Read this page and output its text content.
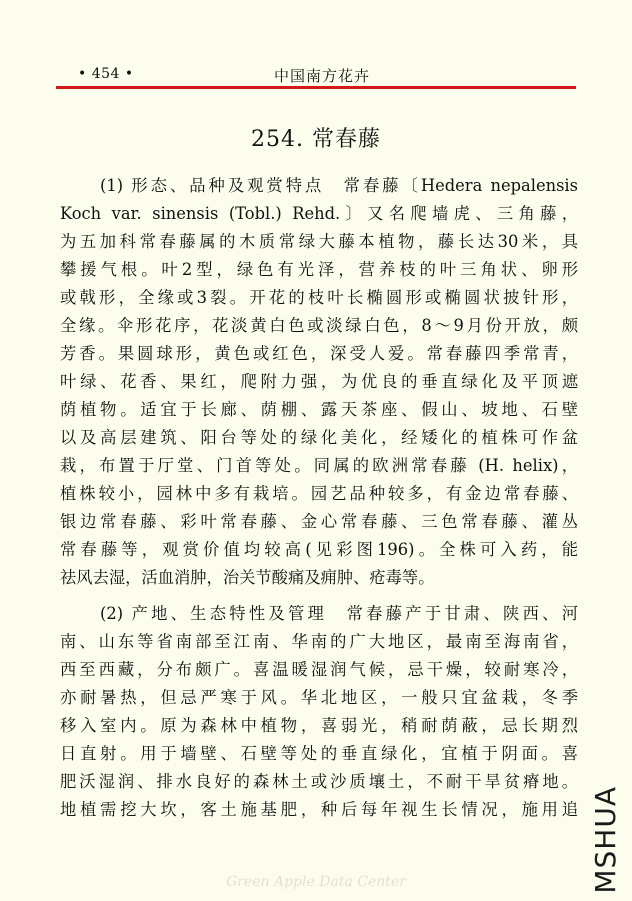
• 454 •	中国南方花卉
254. 常春藤
(1) 形态、品种及观赏特点　常春藤〔Hedera nepalensis
Koch var. sinensis (Tobl.) Rehd.〕又名爬墙虎、三角藤，
为五加科常春藤属的木质常绿大藤本植物，藤长达30米，具
攀援气根。叶2型，绿色有光泽，营养枝的叶三角状、卵形
或戟形，全缘或3裂。开花的枝叶长椭圆形或椭圆状披针形，
全缘。伞形花序，花淡黄白色或淡绿白色，8～9月份开放，颇
芳香。果圆球形，黄色或红色，深受人爱。常春藤四季常青，
叶绿、花香、果红，爬附力强，为优良的垂直绿化及平顶遮
荫植物。适宜于长廊、荫棚、露天茶座、假山、坡地、石壁
以及高层建筑、阳台等处的绿化美化，经矮化的植株可作盆
栽，布置于厅堂、门首等处。同属的欧洲常春藤 (H. helix)，
植株较小，园林中多有栽培。园艺品种较多，有金边常春藤、
银边常春藤、彩叶常春藤、金心常春藤、三色常春藤、灌丛
常春藤等，观赏价值均较高(见彩图196)。全株可入药，能
祛风去湿，活血消肿，治关节酸痛及痈肿、疮毒等。
(2) 产地、生态特性及管理　常春藤产于甘肃、陕西、河
南、山东等省南部至江南、华南的广大地区，最南至海南省，
西至西藏，分布颇广。喜温暖湿润气候，忌干燥，较耐寒冷，
亦耐暑热，但忌严寒于风。华北地区，一般只宜盆栽，冬季
移入室内。原为森林中植物，喜弱光，稍耐荫蔽，忌长期烈
日直射。用于墙壁、石壁等处的垂直绿化，宜植于阴面。喜
肥沃湿润、排水良好的森林土或沙质壤土，不耐干旱贫瘠地。
地植需挖大坎，客土施基肥，种后每年视生长情况，施用追 MSHUA
Green Apple Data Center
